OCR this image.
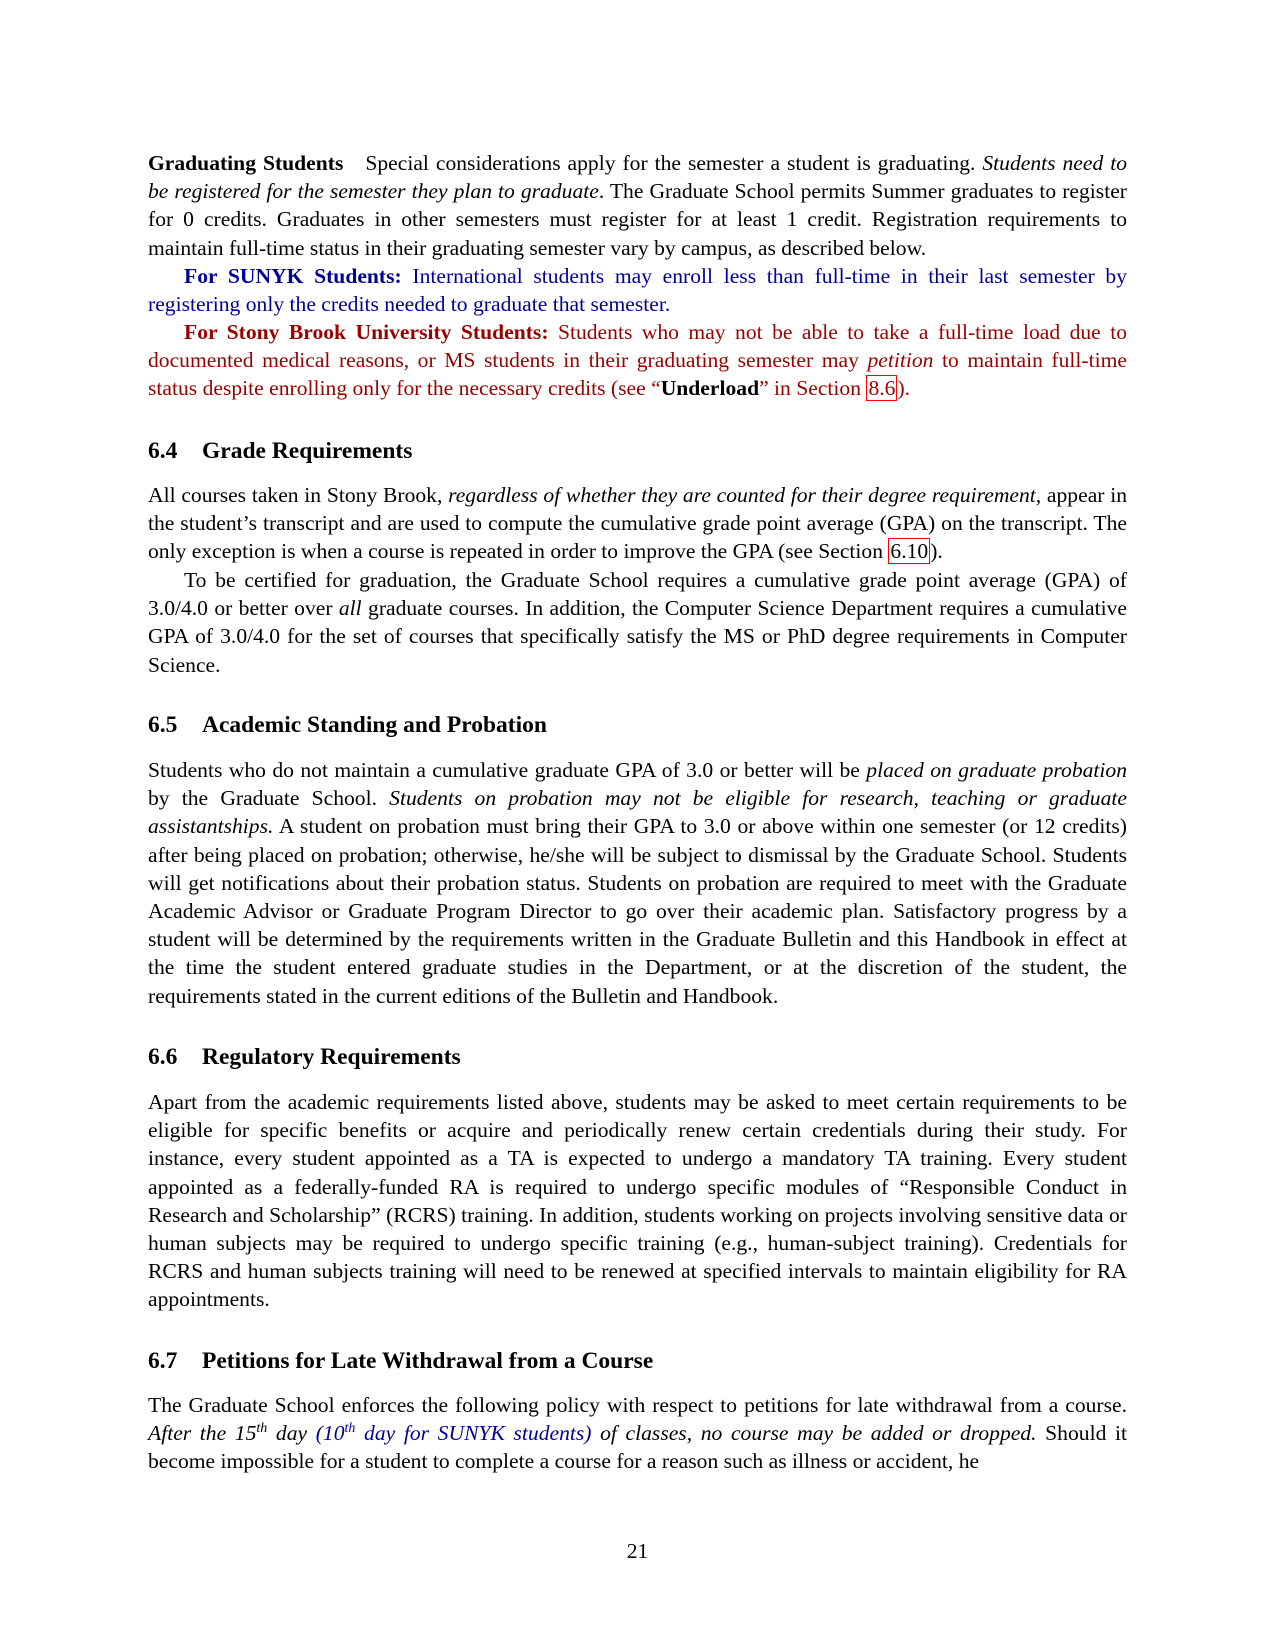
Graduating Students Special considerations apply for the semester a student is graduating. Students need to be registered for the semester they plan to graduate. The Graduate School permits Summer graduates to register for 0 credits. Graduates in other semesters must register for at least 1 credit. Registration requirements to maintain full-time status in their graduating semester vary by campus, as described below.
For SUNYK Students: International students may enroll less than full-time in their last semester by registering only the credits needed to graduate that semester.
For Stony Brook University Students: Students who may not be able to take a full-time load due to documented medical reasons, or MS students in their graduating semester may petition to maintain full-time status despite enrolling only for the necessary credits (see “Underload” in Section 8.6).
6.4 Grade Requirements
All courses taken in Stony Brook, regardless of whether they are counted for their degree requirement, appear in the student’s transcript and are used to compute the cumulative grade point average (GPA) on the transcript. The only exception is when a course is repeated in order to improve the GPA (see Section 6.10).
To be certified for graduation, the Graduate School requires a cumulative grade point average (GPA) of 3.0/4.0 or better over all graduate courses. In addition, the Computer Science Department requires a cumulative GPA of 3.0/4.0 for the set of courses that specifically satisfy the MS or PhD degree requirements in Computer Science.
6.5 Academic Standing and Probation
Students who do not maintain a cumulative graduate GPA of 3.0 or better will be placed on graduate probation by the Graduate School. Students on probation may not be eligible for research, teaching or graduate assistantships. A student on probation must bring their GPA to 3.0 or above within one semester (or 12 credits) after being placed on probation; otherwise, he/she will be subject to dismissal by the Graduate School. Students will get notifications about their probation status. Students on probation are required to meet with the Graduate Academic Advisor or Graduate Program Director to go over their academic plan. Satisfactory progress by a student will be determined by the requirements written in the Graduate Bulletin and this Handbook in effect at the time the student entered graduate studies in the Department, or at the discretion of the student, the requirements stated in the current editions of the Bulletin and Handbook.
6.6 Regulatory Requirements
Apart from the academic requirements listed above, students may be asked to meet certain requirements to be eligible for specific benefits or acquire and periodically renew certain credentials during their study. For instance, every student appointed as a TA is expected to undergo a mandatory TA training. Every student appointed as a federally-funded RA is required to undergo specific modules of “Responsible Conduct in Research and Scholarship” (RCRS) training. In addition, students working on projects involving sensitive data or human subjects may be required to undergo specific training (e.g., human-subject training). Credentials for RCRS and human subjects training will need to be renewed at specified intervals to maintain eligibility for RA appointments.
6.7 Petitions for Late Withdrawal from a Course
The Graduate School enforces the following policy with respect to petitions for late withdrawal from a course. After the 15th day (10th day for SUNYK students) of classes, no course may be added or dropped. Should it become impossible for a student to complete a course for a reason such as illness or accident, he
21
